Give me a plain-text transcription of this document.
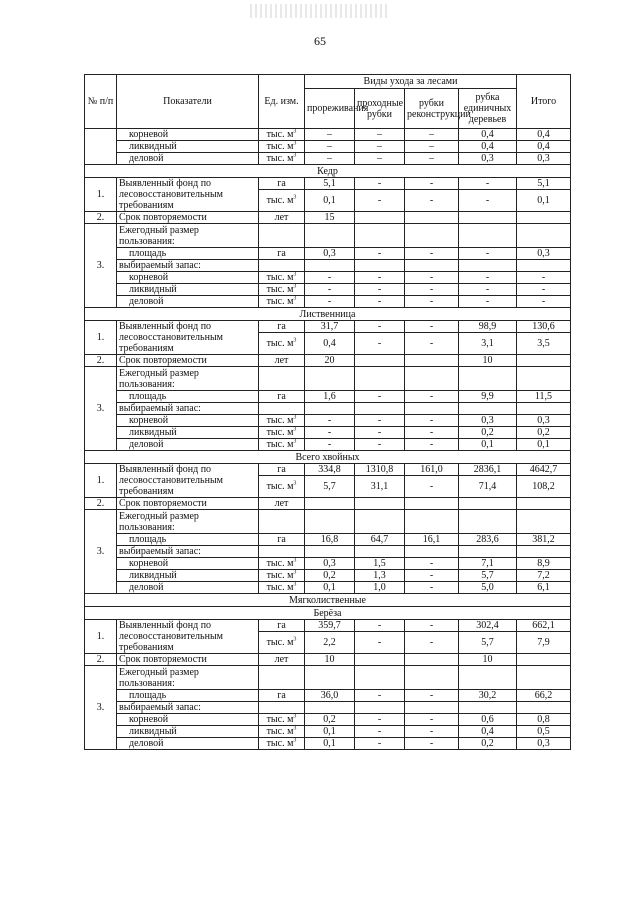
65
№ п/п	Показатели	Ед. изм.	Виды ухода за лесами				Итого
			прореживания	проходные рубки	рубки реконструкции	рубка единичных деревьев	
	корневой	тыс. $м^3$	–	–	–	0,4	0,4
	ликвидный	тыс. $м^3$	–	–	–	0,4	0,4
	деловой	тыс. $м^3$	–	–	–	0,3	0,3
Кедр							
1.	Выявленный фонд по лесовосстановительным требованиям	га	5,1	-	-	-	5,1
		тыс. $м^3$	0,1	-	-	-	0,1
2.	Срок повторяемости	лет	15				
3.	Ежегодный размер пользования:						
	площадь	га	0,3	-	-	-	0,3
	выбираемый запас:						
	корневой	тыс. $м^3$	-	-	-	-	-
	ликвидный	тыс. $м^3$	-	-	-	-	-
	деловой	тыс. $м^3$	-	-	-	-	-
Лиственница							
1.	Выявленный фонд по лесовосстановительным требованиям	га	31,7	-	-	98,9	130,6
		тыс. $м^3$	0,4	-	-	3,1	3,5
2.	Срок повторяемости	лет	20			10	
3.	Ежегодный размер пользования:						
	площадь	га	1,6	-	-	9,9	11,5
	выбираемый запас:						
	корневой	тыс. $м^3$	-	-	-	0,3	0,3
	ликвидный	тыс. $м^3$	-	-	-	0,2	0,2
	деловой	тыс. $м^3$	-	-	-	0,1	0,1
Всего хвойных							
1.	Выявленный фонд по лесовосстановительным требованиям	га	334,8	1310,8	161,0	2836,1	4642,7
		тыс. $м^3$	5,7	31,1	-	71,4	108,2
2.	Срок повторяемости	лет					
3.	Ежегодный размер пользования:						
	площадь	га	16,8	64,7	16,1	283,6	381,2
	выбираемый запас:						
	корневой	тыс. $м^3$	0,3	1,5	-	7,1	8,9
	ликвидный	тыс. $м^3$	0,2	1,3	-	5,7	7,2
	деловой	тыс. $м^3$	0,1	1,0	-	5,0	6,1
Мягколиственные							
Берёза							
1.	Выявленный фонд по лесовосстановительным требованиям	га	359,7	-	-	302,4	662,1
		тыс. $м^3$	2,2	-	-	5,7	7,9
2.	Срок повторяемости	лет	10			10	
3.	Ежегодный размер пользования:						
	площадь	га	36,0	-	-	30,2	66,2
	выбираемый запас:						
	корневой	тыс. $м^3$	0,2	-	-	0,6	0,8
	ликвидный	тыс. $м^3$	0,1	-	-	0,4	0,5
	деловой	тыс. $м^3$	0,1	-	-	0,2	0,3
